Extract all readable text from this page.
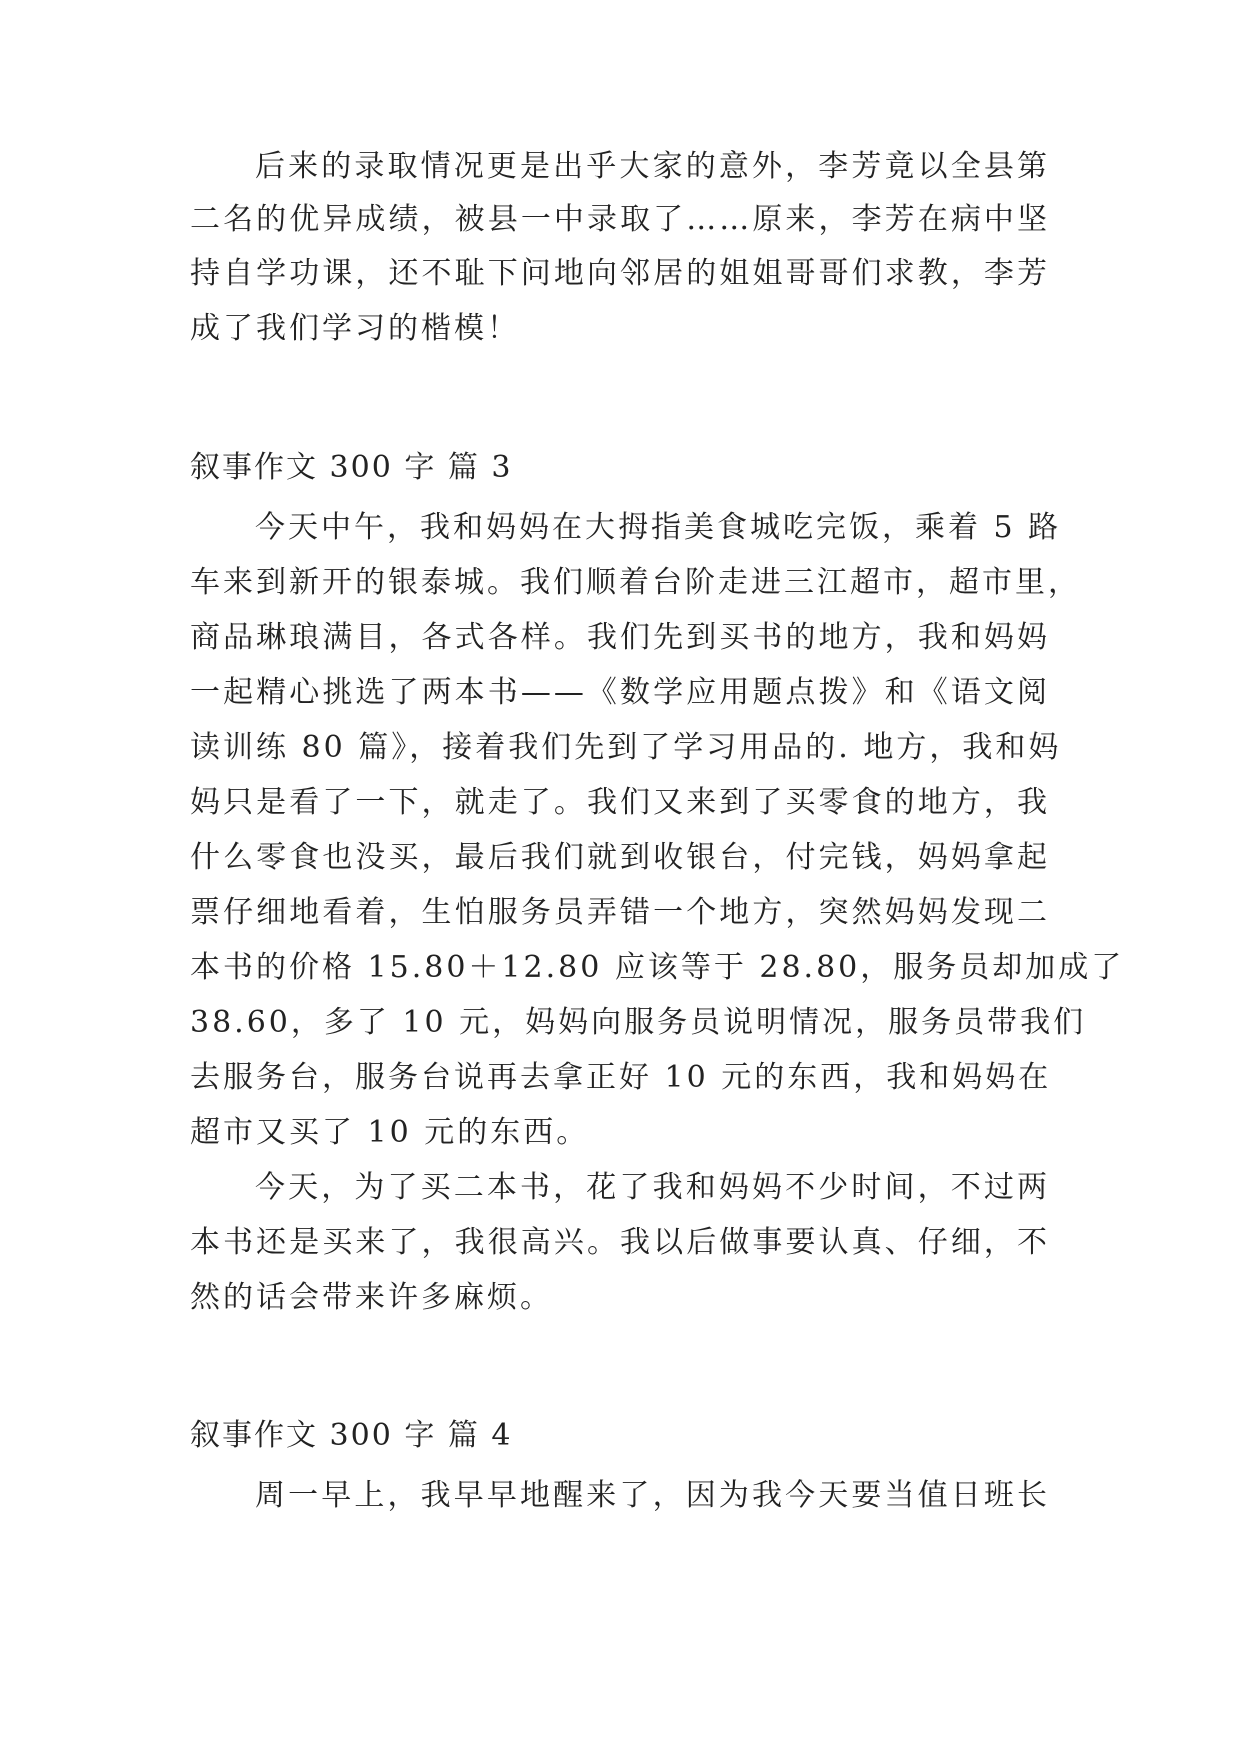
后来的录取情况更是出乎大家的意外，李芳竟以全县第
二名的优异成绩，被县一中录取了……原来，李芳在病中坚
持自学功课，还不耻下问地向邻居的姐姐哥哥们求教，李芳
成了我们学习的楷模！
叙事作文 300 字 篇 3
今天中午，我和妈妈在大拇指美食城吃完饭，乘着 5 路
车来到新开的银泰城。我们顺着台阶走进三江超市，超市里，
商品琳琅满目，各式各样。我们先到买书的地方，我和妈妈
一起精心挑选了两本书——《数学应用题点拨》和《语文阅
读训练 80 篇》，接着我们先到了学习用品的. 地方，我和妈
妈只是看了一下，就走了。我们又来到了买零食的地方，我
什么零食也没买，最后我们就到收银台，付完钱，妈妈拿起
票仔细地看着，生怕服务员弄错一个地方，突然妈妈发现二
本书的价格 15.80＋12.80 应该等于 28.80，服务员却加成了
38.60，多了 10 元，妈妈向服务员说明情况，服务员带我们
去服务台，服务台说再去拿正好 10 元的东西，我和妈妈在
超市又买了 10 元的东西。
今天，为了买二本书，花了我和妈妈不少时间，不过两
本书还是买来了，我很高兴。我以后做事要认真、仔细，不
然的话会带来许多麻烦。
叙事作文 300 字 篇 4
周一早上，我早早地醒来了，因为我今天要当值日班长
